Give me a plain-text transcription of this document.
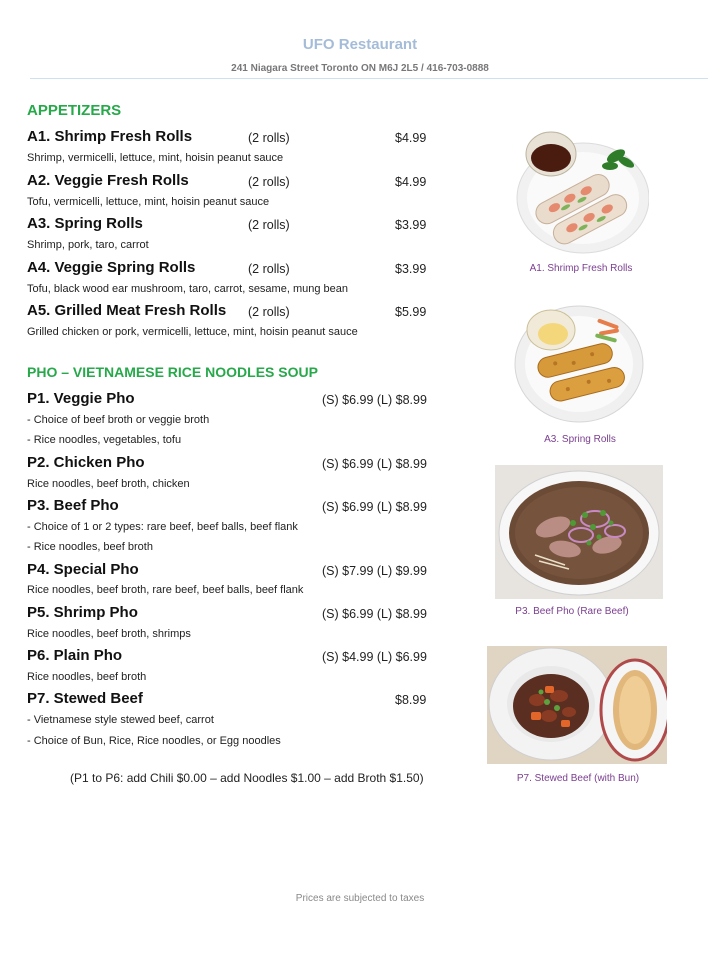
UFO Restaurant
241 Niagara Street Toronto ON M6J 2L5 / 416-703-0888
APPETIZERS
A1. Shrimp Fresh Rolls	(2 rolls)	$4.99
Shrimp, vermicelli, lettuce, mint, hoisin peanut sauce
A2. Veggie Fresh Rolls	(2 rolls)	$4.99
Tofu, vermicelli, lettuce, mint, hoisin peanut sauce
A3. Spring Rolls	(2 rolls)	$3.99
Shrimp, pork, taro, carrot
A4. Veggie Spring Rolls	(2 rolls)	$3.99
Tofu, black wood ear mushroom, taro, carrot, sesame, mung bean
A5. Grilled Meat Fresh Rolls (2 rolls)	$5.99
Grilled chicken or pork, vermicelli, lettuce, mint, hoisin peanut sauce
PHO – VIETNAMESE RICE NOODLES SOUP
P1. Veggie Pho	(S) $6.99 (L) $8.99
- Choice of beef broth or veggie broth
- Rice noodles, vegetables, tofu
P2. Chicken Pho	(S) $6.99 (L) $8.99
Rice noodles, beef broth, chicken
P3. Beef Pho	(S) $6.99 (L) $8.99
- Choice of 1 or 2 types: rare beef, beef balls, beef flank
- Rice noodles, beef broth
P4. Special Pho	(S) $7.99 (L) $9.99
Rice noodles, beef broth, rare beef, beef balls, beef flank
P5. Shrimp Pho	(S) $6.99 (L) $8.99
Rice noodles, beef broth, shrimps
P6. Plain Pho	(S) $4.99 (L) $6.99
Rice noodles, beef broth
P7. Stewed Beef	$8.99
- Vietnamese style stewed beef, carrot
- Choice of Bun, Rice, Rice noodles, or Egg noodles
(P1 to P6: add Chili $0.00 – add Noodles $1.00 – add Broth $1.50)
A1. Shrimp Fresh Rolls
A3. Spring Rolls
P3. Beef Pho (Rare Beef)
P7. Stewed Beef (with Bun)
Prices are subjected to taxes
